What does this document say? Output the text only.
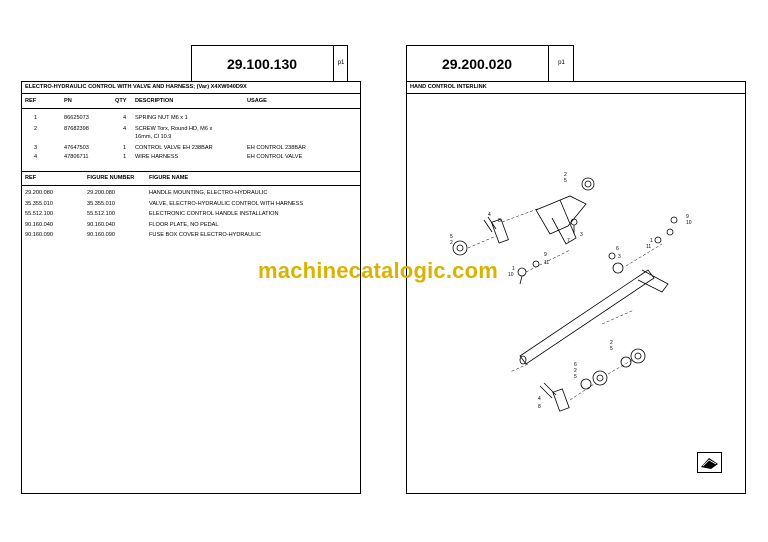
29.100.130	p1
ELECTRO-HYDRAULIC CONTROL WITH VALVE AND HARNESS; (Var) X4XW040D9X
REF	PN	QTY DESCRIPTION	USAGE
1	86625073	4 SPRING NUT M6 x 1
2	87682398	4 SCREW Torx, Round HD, M6 x
16mm, Cl 10.9
3	47647503	1 CONTROL VALVE EH 238BAR	EH CONTROL 238BAR
4	47806711	1 WIRE HARNESS	EH CONTROL VALVE
REF	FIGURE NUMBER	FIGURE NAME
29.200.080	29.200.080	HANDLE MOUNTING, ELECTRO-HYDRAULIC
35.355.010	35.355.010	VALVE, ELECTRO-HYDRAULIC CONTROL WITH HARNESS
55.512.100	55.512.100	ELECTRONIC CONTROL HANDLE INSTALLATION
90.160.040	90.160.040	FLOOR PLATE, NO PEDAL
90.160.090	90.160.090	FUSE BOX COVER ELECTRO-HYDRAULIC
29.200.020	p1
HAND CONTROL INTERLINK
2
5
7
4
8
3
5
2
1
10
9
11
9
10
1
11
6
3
2
5
6
2
5
4
8
machinecatalogic.com
